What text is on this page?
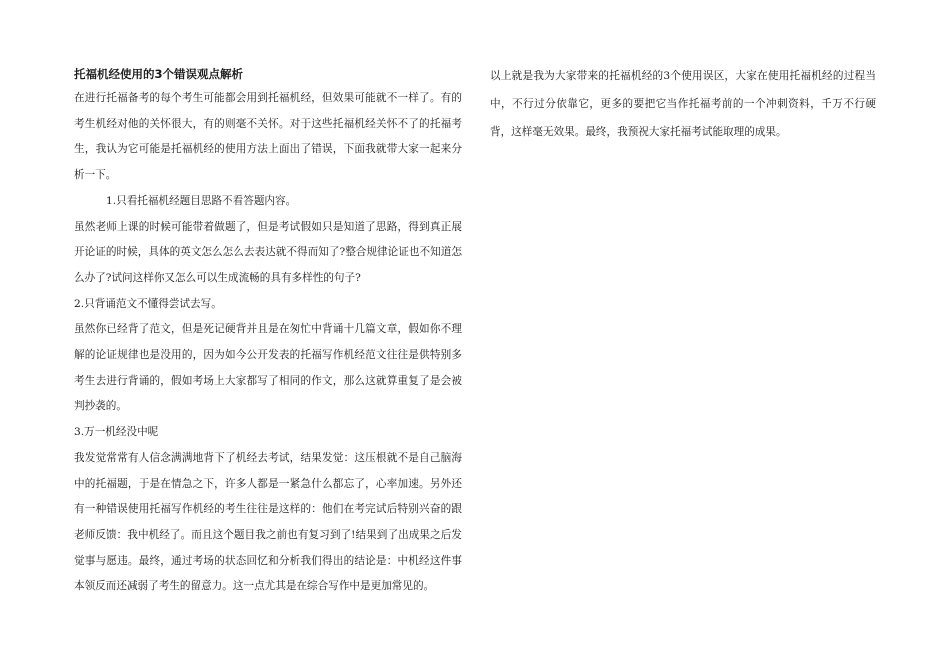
托福机经使用的3个错误观点解析

在进行托福备考的每个考生可能都会用到托福机经，但效果可能就不一样了。有的考生机经对他的关怀很大，有的则毫不关怀。对于这些托福机经关怀不了的托福考生，我认为它可能是托福机经的使用方法上面出了错误，下面我就带大家一起来分析一下。

1.只看托福机经题目思路不看答题内容。

虽然老师上课的时候可能带着做题了，但是考试假如只是知道了思路，得到真正展开论证的时候，具体的英文怎么怎么去表达就不得而知了?整合规律论证也不知道怎么办了?试问这样你又怎么可以生成流畅的具有多样性的句子?

2.只背诵范文不懂得尝试去写。

虽然你已经背了范文，但是死记硬背并且是在匆忙中背诵十几篇文章，假如你不理解的论证规律也是没用的，因为如今公开发表的托福写作机经范文往往是供特别多考生去进行背诵的，假如考场上大家都写了相同的作文，那么这就算重复了是会被判抄袭的。

3.万一机经没中呢

我发觉常常有人信念满满地背下了机经去考试，结果发觉：这压根就不是自己脑海中的托福题，于是在情急之下，许多人都是一紧急什么都忘了，心率加速。另外还有一种错误使用托福写作机经的考生往往是这样的：他们在考完试后特别兴奋的跟老师反馈：我中机经了。而且这个题目我之前也有复习到了!结果到了出成果之后发觉事与愿违。最终，通过考场的状态回忆和分析我们得出的结论是：中机经这件事本领反而还减弱了考生的留意力。这一点尤其是在综合写作中是更加常见的。

以上就是我为大家带来的托福机经的3个使用误区，大家在使用托福机经的过程当中，不行过分依靠它，更多的要把它当作托福考前的一个冲刺资料，千万不行硬背，这样毫无效果。最终，我预祝大家托福考试能取理的成果。
